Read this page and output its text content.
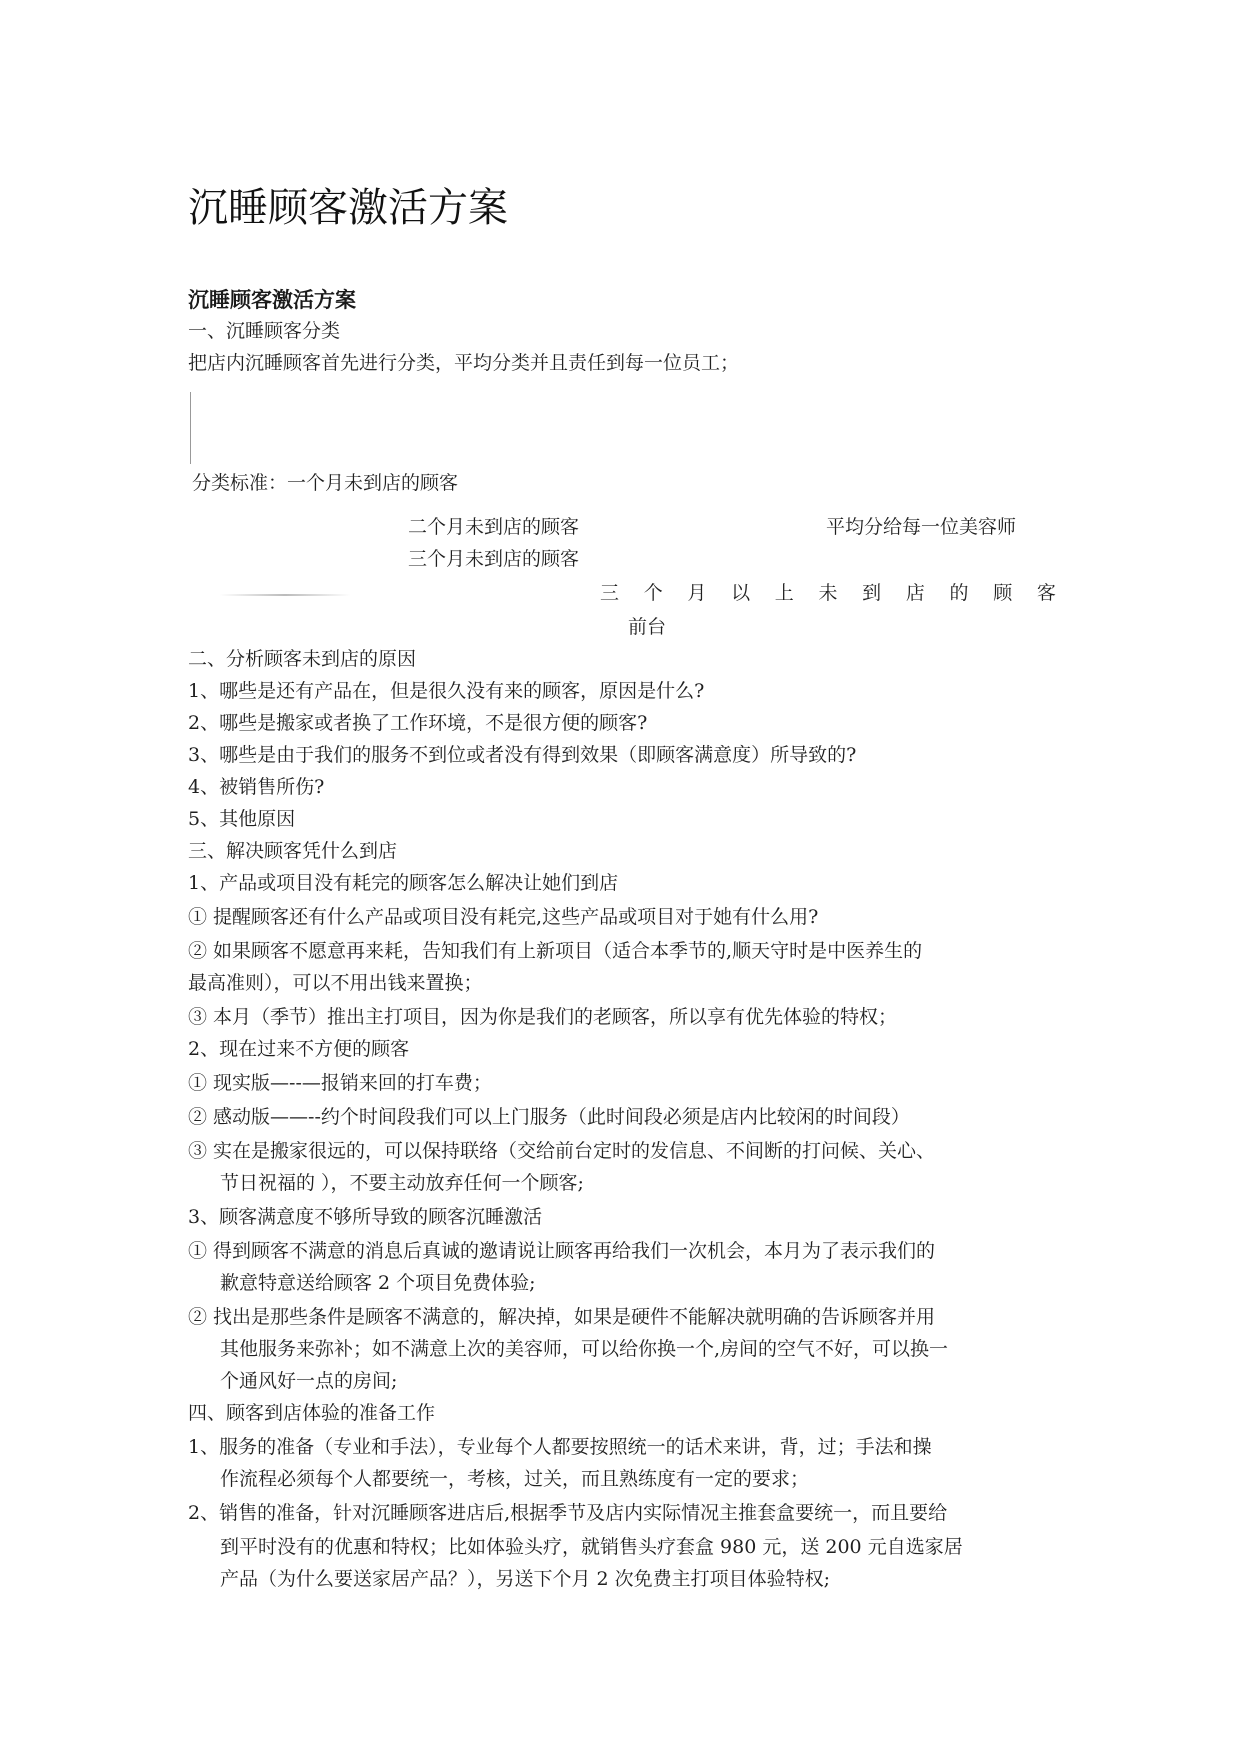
沉睡顾客激活方案
沉睡顾客激活方案
一、沉睡顾客分类
把店内沉睡顾客首先进行分类，平均分类并且责任到每一位员工；
分类标准：一个月未到店的顾客
二个月未到店的顾客	平均分给每一位美容师
三个月未到店的顾客
三 个 月 以 上 未 到 店 的 顾 客
前台
二、分析顾客未到店的原因
1、哪些是还有产品在，但是很久没有来的顾客，原因是什么?
2、哪些是搬家或者换了工作环境，不是很方便的顾客?
3、哪些是由于我们的服务不到位或者没有得到效果（即顾客满意度）所导致的?
4、被销售所伤?
5、其他原因
三、解决顾客凭什么到店
1、产品或项目没有耗完的顾客怎么解决让她们到店
① 提醒顾客还有什么产品或项目没有耗完,这些产品或项目对于她有什么用?
② 如果顾客不愿意再来耗，告知我们有上新项目（适合本季节的,顺天守时是中医养生的
最高准则），可以不用出钱来置换；
③ 本月（季节）推出主打项目，因为你是我们的老顾客，所以享有优先体验的特权；
2、现在过来不方便的顾客
① 现实版—--—报销来回的打车费；
② 感动版——--约个时间段我们可以上门服务（此时间段必须是店内比较闲的时间段）
③ 实在是搬家很远的，可以保持联络（交给前台定时的发信息、不间断的打问候、关心、
节日祝福的 ），不要主动放弃任何一个顾客;
3、顾客满意度不够所导致的顾客沉睡激活
① 得到顾客不满意的消息后真诚的邀请说让顾客再给我们一次机会，本月为了表示我们的
歉意特意送给顾客 2 个项目免费体验;
② 找出是那些条件是顾客不满意的，解决掉，如果是硬件不能解决就明确的告诉顾客并用
其他服务来弥补；如不满意上次的美容师，可以给你换一个,房间的空气不好，可以换一
个通风好一点的房间;
四、顾客到店体验的准备工作
1、服务的准备（专业和手法），专业每个人都要按照统一的话术来讲，背，过；手法和操
作流程必须每个人都要统一，考核，过关，而且熟练度有一定的要求；
2、销售的准备，针对沉睡顾客进店后,根据季节及店内实际情况主推套盒要统一，而且要给
到平时没有的优惠和特权；比如体验头疗，就销售头疗套盒 980 元，送 200 元自选家居
产品（为什么要送家居产品？），另送下个月 2 次免费主打项目体验特权;
